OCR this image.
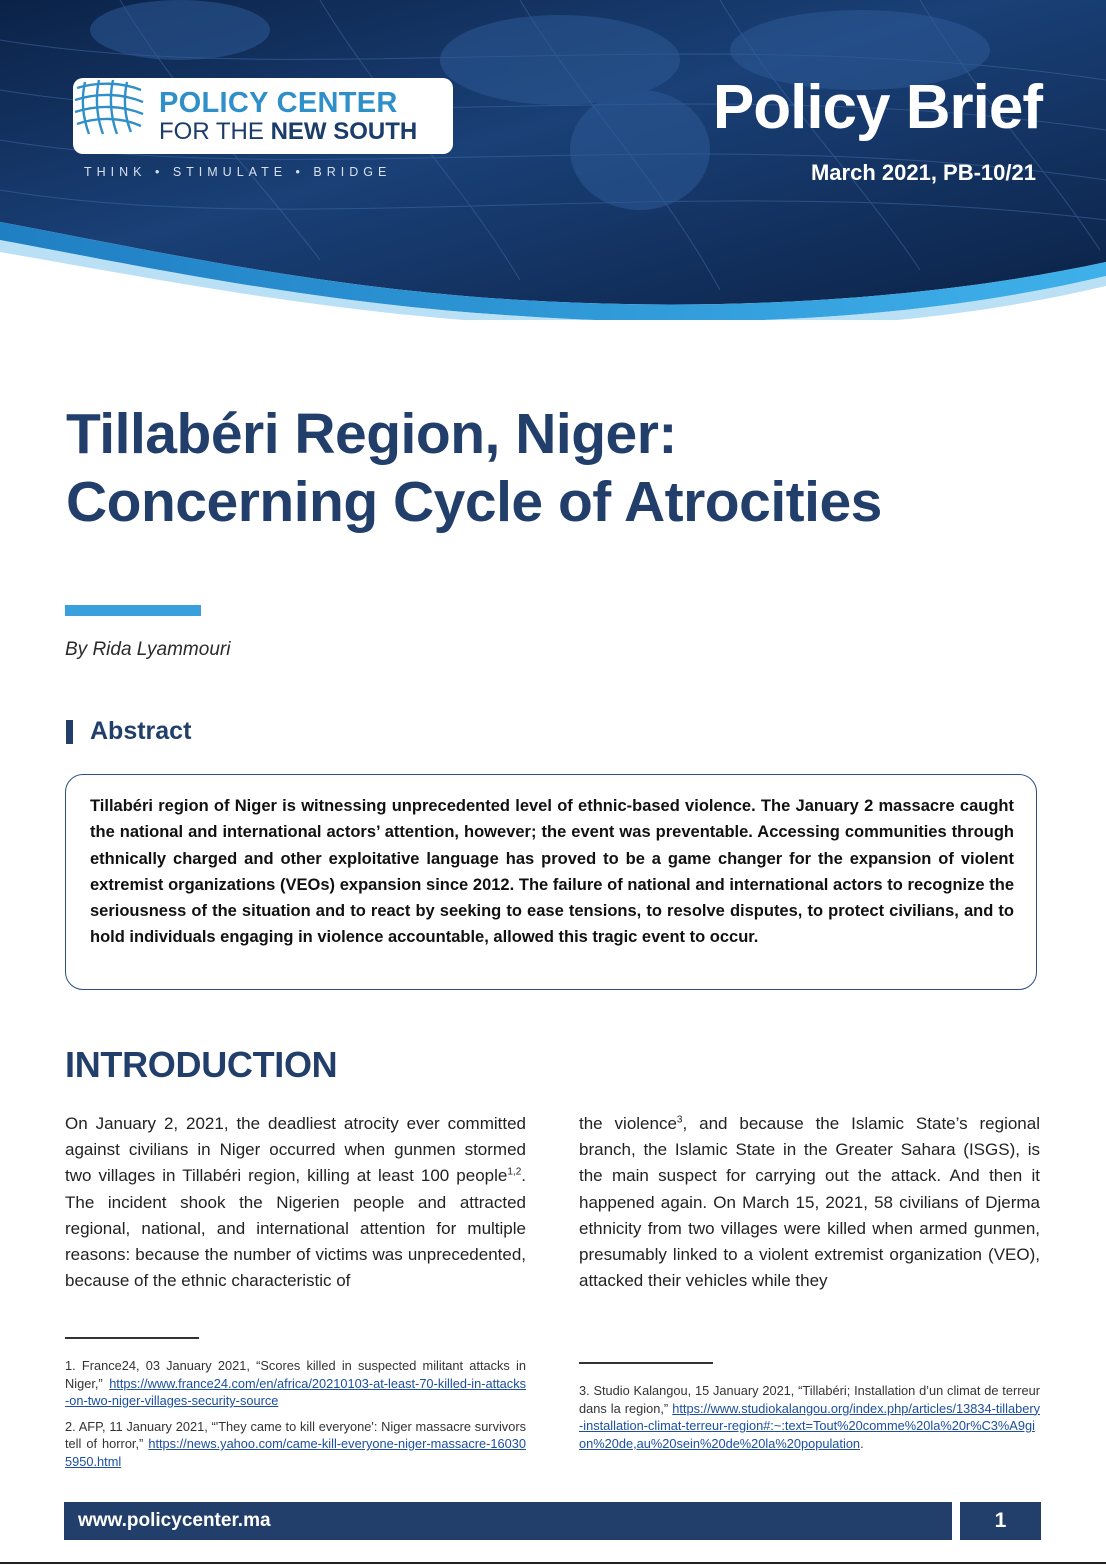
POLICY CENTER
FOR THE NEW SOUTH
THINK • STIMULATE • BRIDGE
Policy Brief
March 2021, PB-10/21
Tillabéri Region, Niger:
Concerning Cycle of Atrocities
By Rida Lyammouri
Abstract

Tillabéri region of Niger is witnessing unprecedented level of ethnic-based violence. The January 2 massacre caught the national and international actors’ attention, however; the event was preventable. Accessing communities through ethnically charged and other exploitative language has proved to be a game changer for the expansion of violent extremist organizations (VEOs) expansion since 2012. The failure of national and international actors to recognize the seriousness of the situation and to react by seeking to ease tensions, to resolve disputes, to protect civilians, and to hold individuals engaging in violence accountable, allowed this tragic event to occur.

INTRODUCTION

On January 2, 2021, the deadliest atrocity ever committed against civilians in Niger occurred when gunmen stormed two villages in Tillabéri region, killing at least 100 people$^{1,2}$. The incident shook the Nigerien people and attracted regional, national, and international attention for multiple reasons: because the number of victims was unprecedented, because of the ethnic characteristic of

the violence$^3$, and because the Islamic State’s regional branch, the Islamic State in the Greater Sahara (ISGS), is the main suspect for carrying out the attack. And then it happened again. On March 15, 2021, 58 civilians of Djerma ethnicity from two villages were killed when armed gunmen, presumably linked to a violent extremist organization (VEO), attacked their vehicles while they

1. France24, 03 January 2021, “Scores killed in suspected militant attacks in Niger,” https://www.france24.com/en/africa/20210103-at-least-70-killed-in-attacks-on-two-niger-villages-security-source

2. AFP, 11 January 2021, “'They came to kill everyone': Niger massacre survivors tell of horror,” https://news.yahoo.com/came-kill-everyone-niger-massacre-160305950.html

3. Studio Kalangou, 15 January 2021, “Tillabéri; Installation d’un climat de terreur dans la region,” https://www.studiokalangou.org/index.php/articles/13834-tillabery-installation-climat-terreur-region#:~:text=Tout%20comme%20la%20r%C3%A9gion%20de,au%20sein%20de%20la%20population.

www.policycenter.ma	1
